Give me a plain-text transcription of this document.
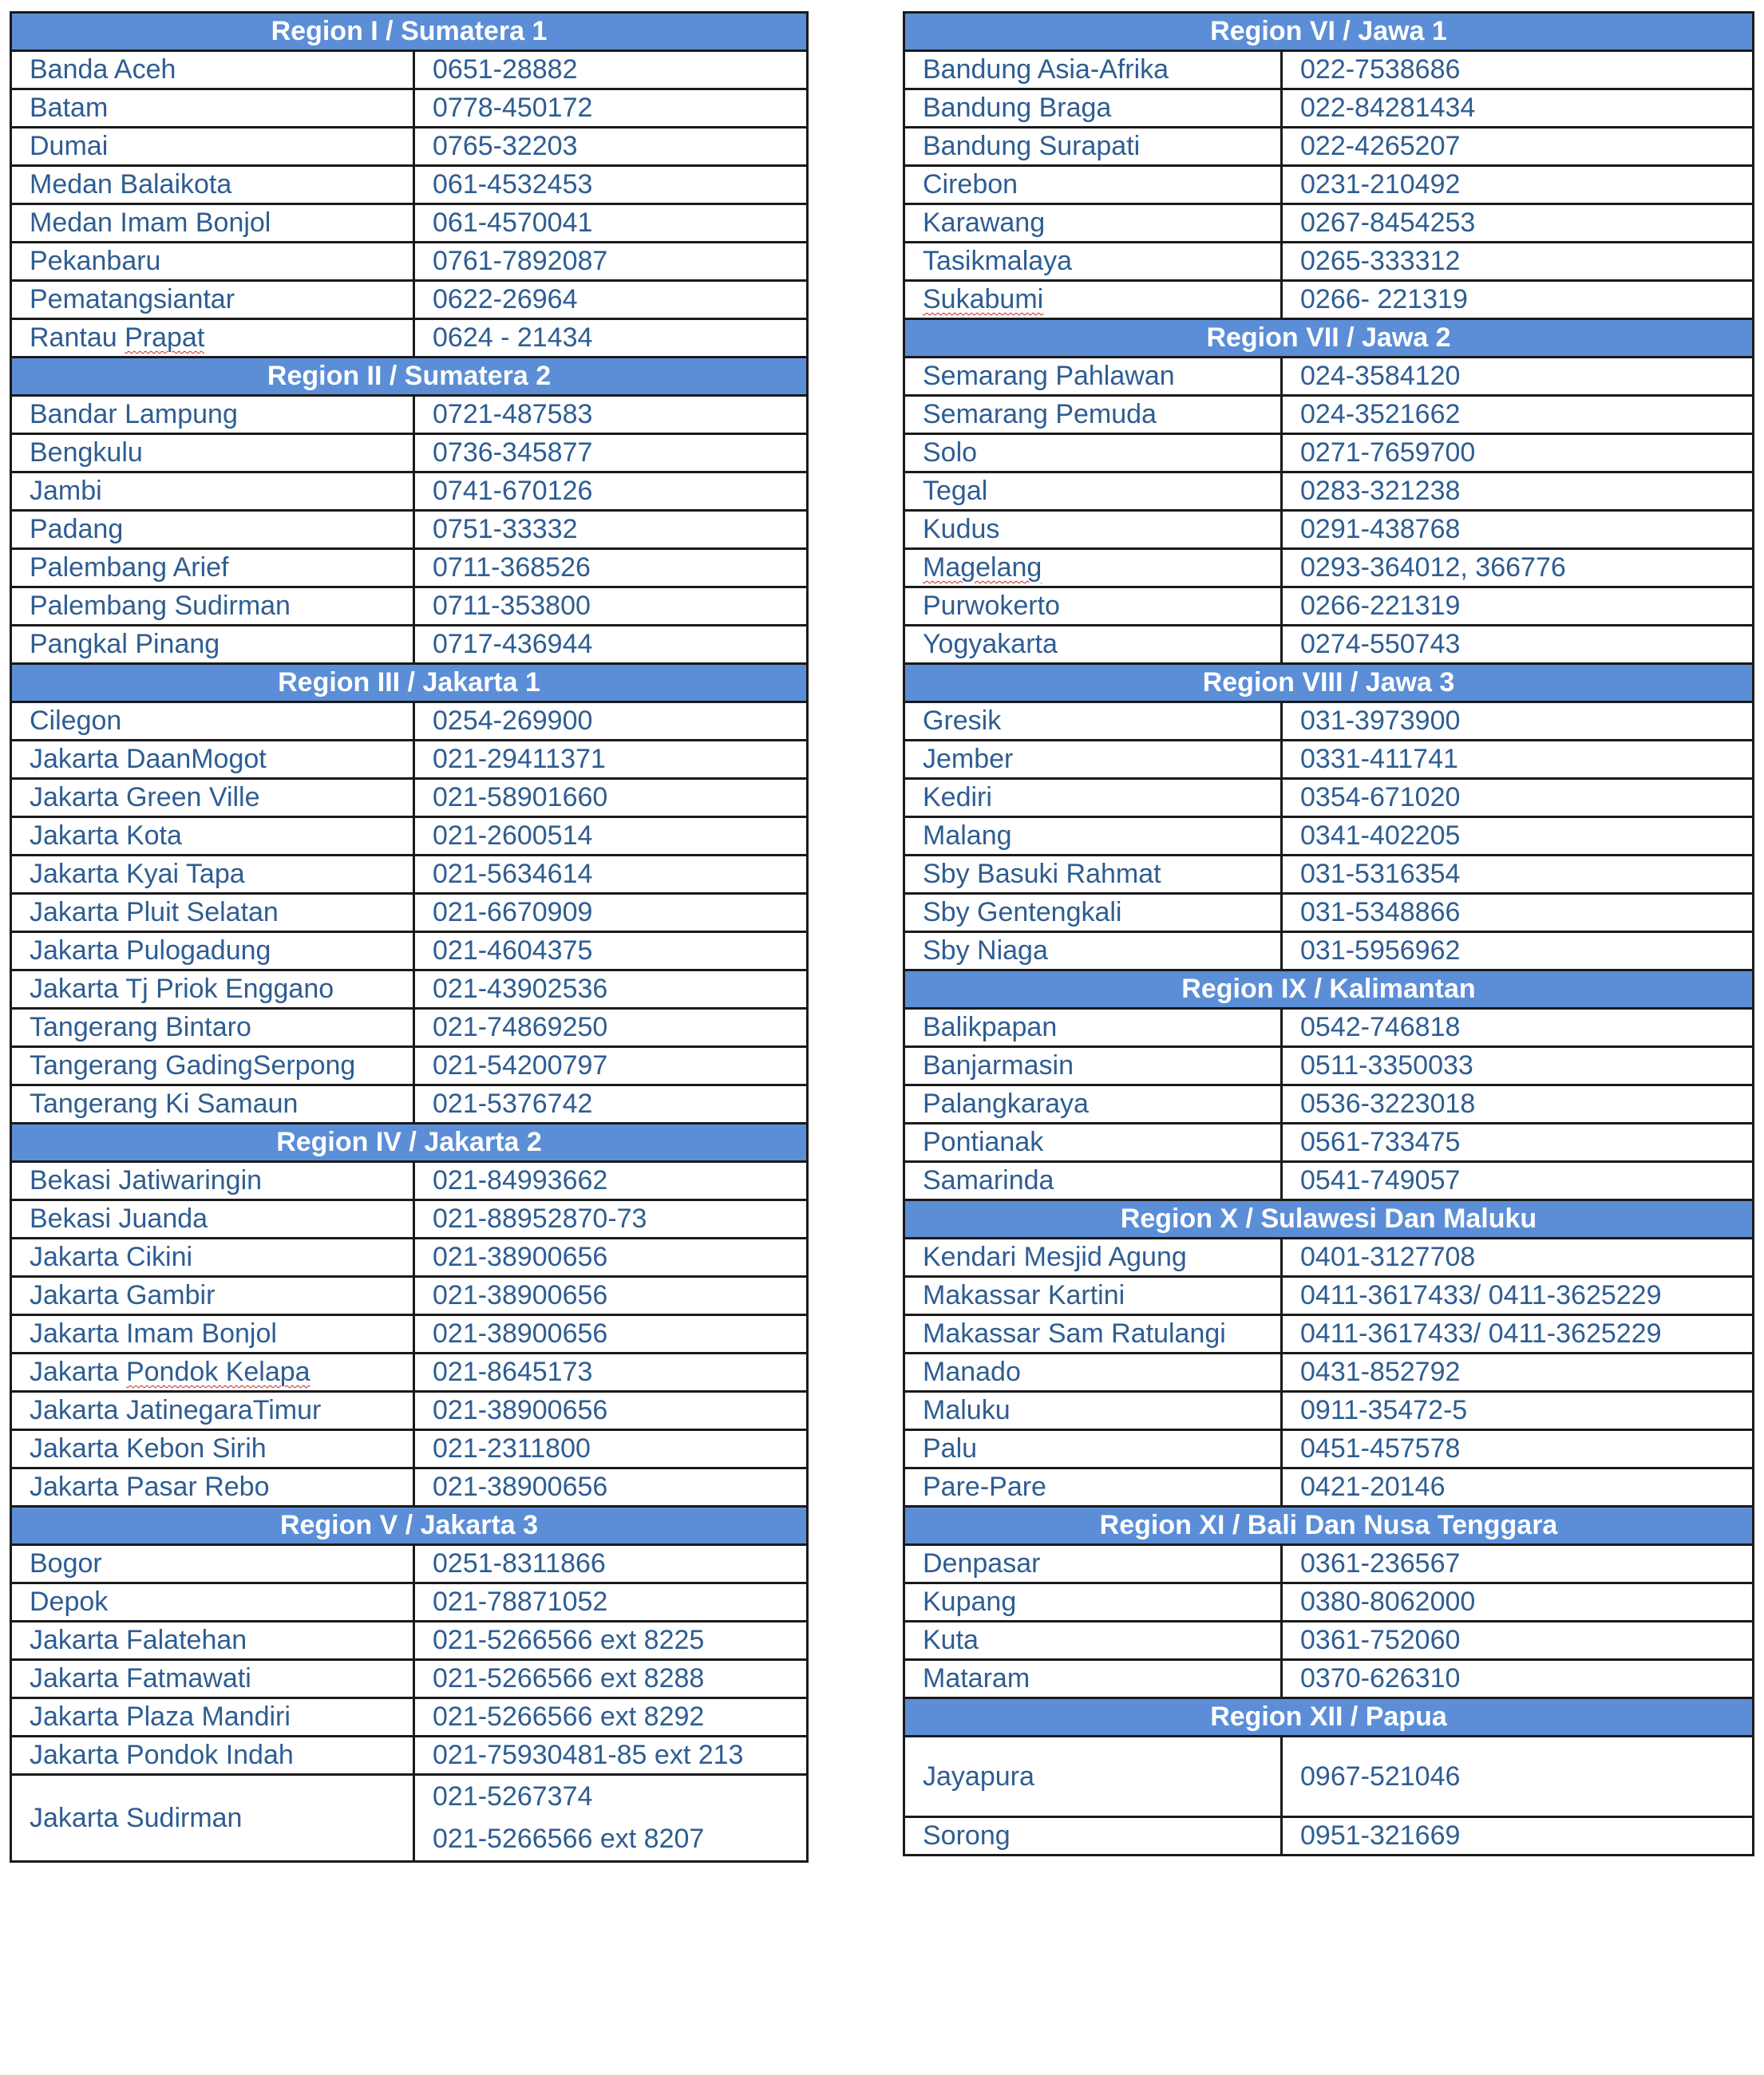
Region I / Sumatera 1	
Banda Aceh	0651-28882
Batam	0778-450172
Dumai	0765-32203
Medan Balaikota	061-4532453
Medan Imam Bonjol	061-4570041
Pekanbaru	0761-7892087
Pematangsiantar	0622-26964
Rantau Prapat	0624 - 21434
Region II / Sumatera 2	
Bandar Lampung	0721-487583
Bengkulu	0736-345877
Jambi	0741-670126
Padang	0751-33332
Palembang Arief	0711-368526
Palembang Sudirman	0711-353800
Pangkal Pinang	0717-436944
Region III / Jakarta 1	
Cilegon	0254-269900
Jakarta DaanMogot	021-29411371
Jakarta Green Ville	021-58901660
Jakarta Kota	021-2600514
Jakarta Kyai Tapa	021-5634614
Jakarta Pluit Selatan	021-6670909
Jakarta Pulogadung	021-4604375
Jakarta Tj Priok Enggano	021-43902536
Tangerang Bintaro	021-74869250
Tangerang GadingSerpong	021-54200797
Tangerang Ki Samaun	021-5376742
Region IV / Jakarta 2	
Bekasi Jatiwaringin	021-84993662
Bekasi Juanda	021-88952870-73
Jakarta Cikini	021-38900656
Jakarta Gambir	021-38900656
Jakarta Imam Bonjol	021-38900656
Jakarta Pondok Kelapa	021-8645173
Jakarta JatinegaraTimur	021-38900656
Jakarta Kebon Sirih	021-2311800
Jakarta Pasar Rebo	021-38900656
Region V / Jakarta 3	
Bogor	0251-8311866
Depok	021-78871052
Jakarta Falatehan	021-5266566 ext 8225
Jakarta Fatmawati	021-5266566 ext 8288
Jakarta Plaza Mandiri	021-5266566 ext 8292
Jakarta Pondok Indah	021-75930481-85 ext 213
Jakarta Sudirman	021-5267374
021-5266566 ext 8207
Region VI / Jawa 1	
Bandung Asia-Afrika	022-7538686
Bandung Braga	022-84281434
Bandung Surapati	022-4265207
Cirebon	0231-210492
Karawang	0267-8454253
Tasikmalaya	0265-333312
Sukabumi	0266- 221319
Region VII / Jawa 2	
Semarang Pahlawan	024-3584120
Semarang Pemuda	024-3521662
Solo	0271-7659700
Tegal	0283-321238
Kudus	0291-438768
Magelang	0293-364012, 366776
Purwokerto	0266-221319
Yogyakarta	0274-550743
Region VIII / Jawa 3	
Gresik	031-3973900
Jember	0331-411741
Kediri	0354-671020
Malang	0341-402205
Sby Basuki Rahmat	031-5316354
Sby Gentengkali	031-5348866
Sby Niaga	031-5956962
Region IX / Kalimantan	
Balikpapan	0542-746818
Banjarmasin	0511-3350033
Palangkaraya	0536-3223018
Pontianak	0561-733475
Samarinda	0541-749057
Region X / Sulawesi Dan Maluku	
Kendari Mesjid Agung	0401-3127708
Makassar Kartini	0411-3617433/ 0411-3625229
Makassar Sam Ratulangi	0411-3617433/ 0411-3625229
Manado	0431-852792
Maluku	0911-35472-5
Palu	0451-457578
Pare-Pare	0421-20146
Region XI / Bali Dan Nusa Tenggara	
Denpasar	0361-236567
Kupang	0380-8062000
Kuta	0361-752060
Mataram	0370-626310
Region XII / Papua	
Jayapura	0967-521046
Sorong	0951-321669
